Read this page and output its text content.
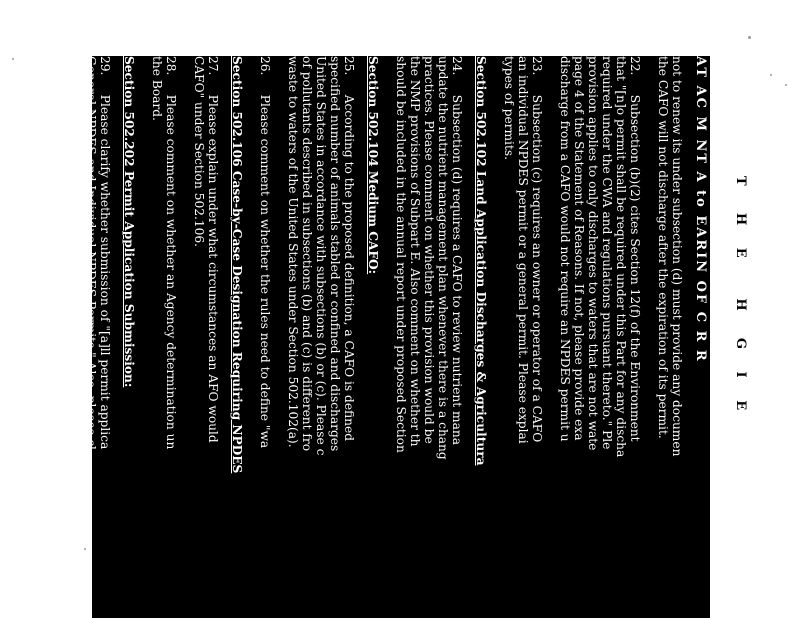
T      H     E         H      G     I     E
AT AC M NT A to EARIN OF C R R
not to renew its under subsection (d) must provide any documen
the CAFO will not discharge after the expiration of its permit.
22.     Subsection (b)(2) cites Section 12(f) of the Environment
that "[n]o permit shall be required under this Part for any discha
required under the CWA and regulations pursuant thereto." Ple
provision applies to only discharges to waters that are not wate
page 4 of the Statement of Reasons. If not, please provide exa
discharge from a CAFO would not require an NPDES permit u
23.     Subsection (c) requires an owner or operator of a CAFO
an individual NPDES permit or a general permit. Please explai
types of permits.
Section 502.102 Land Application Discharges & Agricultura
24.     Subsection (d) requires a CAFO to review nutrient mana
update the nutrient management plan whenever there is a chang
practices. Please comment on whether this provision would be
the NMP provisions of Subpart E. Also comment on whether th
should be included in the annual report under proposed Section
Section 502.104 Medium CAFO:
25.     According to the proposed definition, a CAFO is defined
specified number of animals stabled or confined and discharges
United States in accordance with subsections (b) or (c). Please c
of pollutants described in subsections (b) and (c) is different fro
waste to waters of the United States under Section 502.102(a).
26.     Please comment on whether the rules need to define "wa
Section 502.106 Case-by-Case Designation Requiring NPDES
27.     Please explain under what circumstances an AFO would
CAFO" under Section 502.106.
28.     Please comment on whether an Agency determination un
the Board.
Section 502.202 Permit Application Submission:
29.     Please clarify whether submission of "[a]ll permit applica
General NPDES and Individual NPDES Permits." Also, please cl
designate the address for submission of the permit application.
5
